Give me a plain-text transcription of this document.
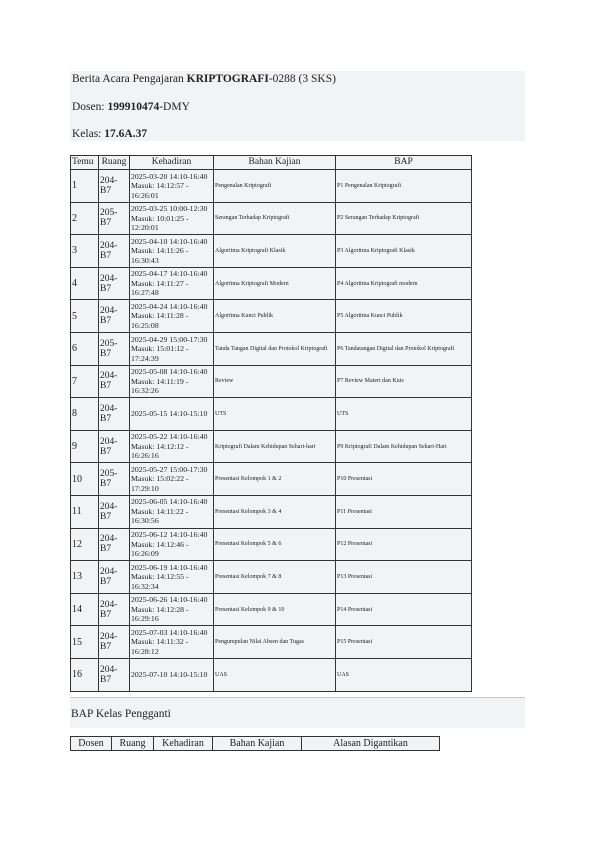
Berita Acara Pengajaran KRIPTOGRAFI-0288 (3 SKS)
Dosen: 199910474-DMY
Kelas: 17.6A.37
Temu	Ruang	Kehadiran	Bahan Kajian	BAP
1	204-B7	2025-03-20 14:10-16:40
Masuk: 14:12:57 - 16:26:01	Pengenalan Kriptografi	P1 Pengenalan Kriptografi
2	205-B7	2025-03-25 10:00-12:30
Masuk: 10:01:25 - 12:20:01	Serangan Terhadap Kriptografi	P2 Serangan Terhadap Kriptografi
3	204-B7	2025-04-10 14:10-16:40
Masuk: 14:11:26 - 16:30:43	Algoritma Kriptografi Klasik	P3 Algoritma Kriptografi Klasik
4	204-B7	2025-04-17 14:10-16:40
Masuk: 14:11:27 - 16:27:48	Algoritma Kriptografi Modern	P4 Algoritma Kriptografi modern
5	204-B7	2025-04-24 14:10-16:40
Masuk: 14:11:28 - 16:25:08	Algoritma Kunci Publik	P5 Algoritma Kunci Publik
6	205-B7	2025-04-29 15:00-17:30
Masuk: 15:01:12 - 17:24:39	Tanda Tangan Digital dan Protokol Kriptografi	P6 Tandatangan Digital dan Protokol Kriptografi
7	204-B7	2025-05-08 14:10-16:40
Masuk: 14:11:19 - 16:32:26	Review	P7 Review Materi dan Kuis
8	204-B7	2025-05-15 14:10-15:10	UTS	UTS
9	204-B7	2025-05-22 14:10-16:40
Masuk: 14:12:12 - 16:26:16	Kriptografi Dalam Kehidupan Sehari-hari	P9 Kriptografi Dalam Kehidupan Sehari-Hari
10	205-B7	2025-05-27 15:00-17:30
Masuk: 15:02:22 - 17:29:10	Presentasi Kelompok 1 & 2	P10 Presentasi
11	204-B7	2025-06-05 14:10-16:40
Masuk: 14:11:22 - 16:30:56	Presentasi Kelompok 3 & 4	P11 Presentasi
12	204-B7	2025-06-12 14:10-16:40
Masuk: 14:12:46 - 16:26:09	Presentasi Kelompok 5 & 6	P12 Presentasi
13	204-B7	2025-06-19 14:10-16:40
Masuk: 14:12:55 - 16:32:34	Presentasi Kelompok 7 & 8	P13 Presentasi
14	204-B7	2025-06-26 14:10-16:40
Masuk: 14:12:28 - 16:29:16	Presentasi Kelompok 9 & 10	P14 Presentasi
15	204-B7	2025-07-03 14:10-16:40
Masuk: 14:11:32 - 16:28:12	Pengumpulan Nilai Absen dan Tugas	P15 Presentasi
16	204-B7	2025-07-10 14:10-15:10	UAS	UAS
BAP Kelas Pengganti
Dosen	Ruang	Kehadiran	Bahan Kajian	Alasan Digantikan
